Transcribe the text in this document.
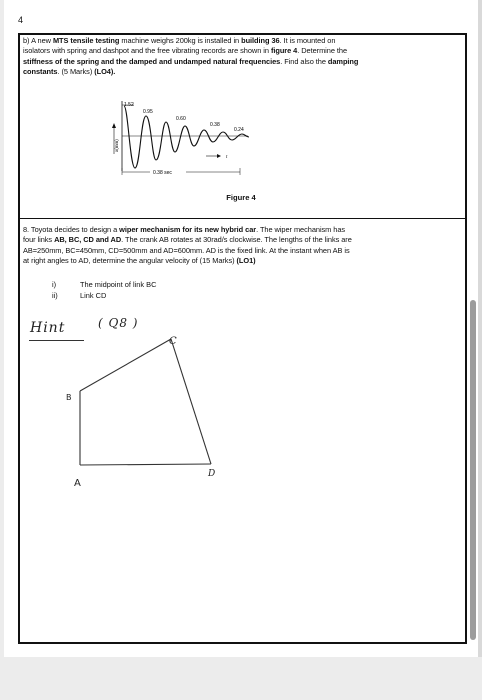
4
b) A new MTS tensile testing machine weighs 200kg is installed in building 36. It is mounted on
isolators with spring and dashpot and the free vibrating records are shown in figure 4. Determine the
stiffness of the spring and the damped and undamped natural frequencies. Find also the damping
constants. (5 Marks) (LO4).
x(mm)
1.52
0.95
0.60
0.38
0.24
t
0.38 sec
Figure 4
8. Toyota decides to design a wiper mechanism for its new hybrid car. The wiper mechanism has
four links AB, BC, CD and AD. The crank AB rotates at 30rad/s clockwise. The lengths of the links are
AB=250mm, BC=450mm, CD=500mm and AD=600mm. AD is the fixed link. At the instant when AB is
at right angles to AD, determine the angular velocity of (15 Marks) (LO1)
i)	The midpoint of link BC
ii)	Link CD
Hint	( Q8 )
C
B
A
D
